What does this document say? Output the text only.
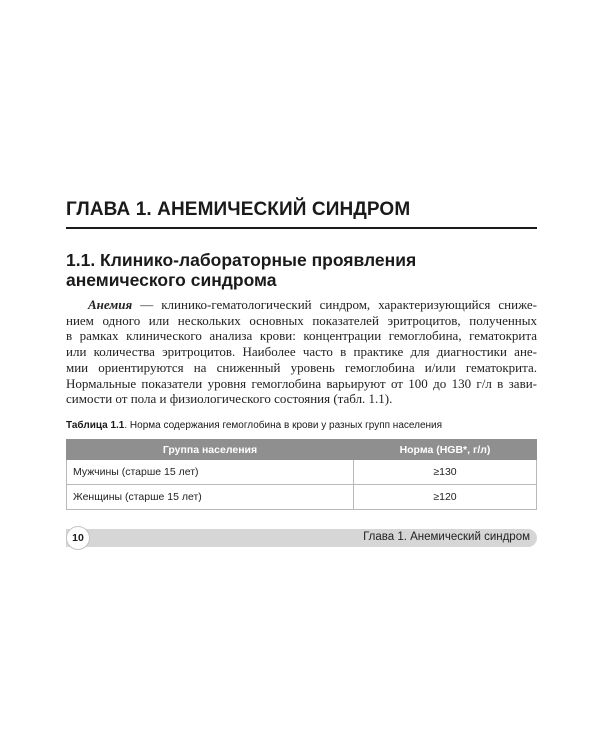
ГЛАВА 1. АНЕМИЧЕСКИЙ СИНДРОМ
1.1. Клинико-лабораторные проявления анемического синдрома
Анемия — клинико-гематологический синдром, характеризующийся сниже-
нием одного или нескольких основных показателей эритроцитов, полученных
в рамках клинического анализа крови: концентрации гемоглобина, гематокрита
или количества эритроцитов. Наиболее часто в практике для диагностики ане-
мии ориентируются на сниженный уровень гемоглобина и/или гематокрита.
Нормальные показатели уровня гемоглобина варьируют от 100 до 130 г/л в зави-
симости от пола и физиологического состояния (табл. 1.1).
Таблица 1.1. Норма содержания гемоглобина в крови у разных групп населения
Группа населения	Норма (HGB*, г/л)
Мужчины (старше 15 лет)	≥130
Женщины (старше 15 лет)	≥120
10	Глава 1. Анемический синдром
